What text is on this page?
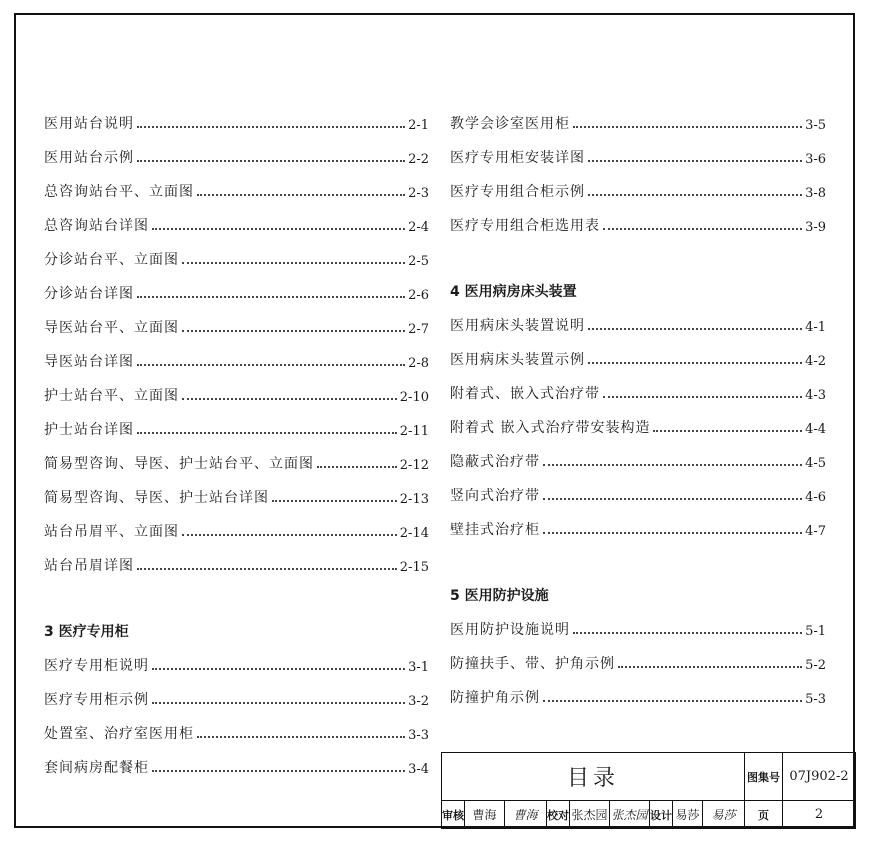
医用站台说明	2-1
医用站台示例	2-2
总咨询站台平、立面图	2-3
总咨询站台详图	2-4
分诊站台平、立面图	2-5
分诊站台详图	2-6
导医站台平、立面图	2-7
导医站台详图	2-8
护士站台平、立面图	2-10
护士站台详图	2-11
简易型咨询、导医、护士站台平、立面图	2-12
简易型咨询、导医、护士站台详图	2-13
站台吊眉平、立面图	2-14
站台吊眉详图	2-15
3 医疗专用柜
医疗专用柜说明	3-1
医疗专用柜示例	3-2
处置室、治疗室医用柜	3-3
套间病房配餐柜	3-4
教学会诊室医用柜	3-5
医疗专用柜安装详图	3-6
医疗专用组合柜示例	3-8
医疗专用组合柜选用表	3-9
4 医用病房床头装置
医用病床头装置说明	4-1
医用病床头装置示例	4-2
附着式、嵌入式治疗带	4-3
附着式 嵌入式治疗带安装构造	4-4
隐蔽式治疗带	4-5
竖向式治疗带	4-6
壁挂式治疗柜	4-7
5 医用防护设施
医用防护设施说明	5-1
防撞扶手、带、护角示例	5-2
防撞护角示例	5-3
目录									图集号	07J902-2
审核	曹海	曹海	校对	张杰园	张杰园	设计	易莎	易莎	页	2
